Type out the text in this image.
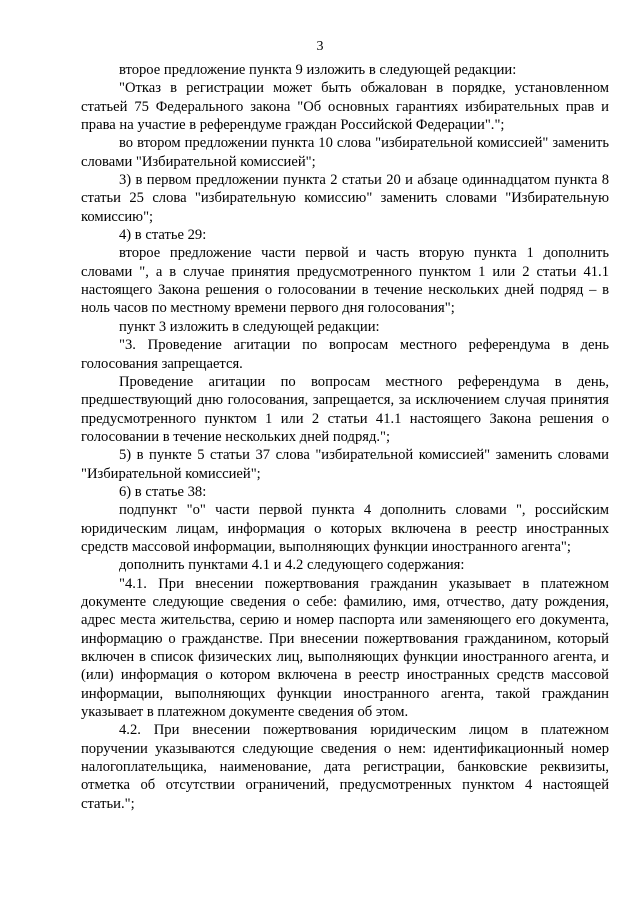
3

второе предложение пункта 9 изложить в следующей редакции:

"Отказ в регистрации может быть обжалован в порядке, установленном статьей 75 Федерального закона "Об основных гарантиях избирательных прав и права на участие в референдуме граждан Российской Федерации".";

во втором предложении пункта 10 слова "избирательной комиссией" заменить словами "Избирательной комиссией";

3) в первом предложении пункта 2 статьи 20 и абзаце одиннадцатом пункта 8 статьи 25 слова "избирательную комиссию" заменить словами "Избирательную комиссию";

4) в статье 29:

второе предложение части первой и часть вторую пункта 1 дополнить словами ", а в случае принятия предусмотренного пунктом 1 или 2 статьи 41.1 настоящего Закона решения о голосовании в течение нескольких дней подряд – в ноль часов по местному времени первого дня голосования";

пункт 3 изложить в следующей редакции:

"3. Проведение агитации по вопросам местного референдума в день голосования запрещается.

Проведение агитации по вопросам местного референдума в день, предшествующий дню голосования, запрещается, за исключением случая принятия предусмотренного пунктом 1 или 2 статьи 41.1 настоящего Закона решения о голосовании в течение нескольких дней подряд.";

5) в пункте 5 статьи 37 слова "избирательной комиссией" заменить словами "Избирательной комиссией";

6) в статье 38:

подпункт "о" части первой пункта 4 дополнить словами ", российским юридическим лицам, информация о которых включена в реестр иностранных средств массовой информации, выполняющих функции иностранного агента";

дополнить пунктами 4.1 и 4.2 следующего содержания:

"4.1. При внесении пожертвования гражданин указывает в платежном документе следующие сведения о себе: фамилию, имя, отчество, дату рождения, адрес места жительства, серию и номер паспорта или заменяющего его документа, информацию о гражданстве. При внесении пожертвования гражданином, который включен в список физических лиц, выполняющих функции иностранного агента, и (или) информация о котором включена в реестр иностранных средств массовой информации, выполняющих функции иностранного агента, такой гражданин указывает в платежном документе сведения об этом.

4.2. При внесении пожертвования юридическим лицом в платежном поручении указываются следующие сведения о нем: идентификационный номер налогоплательщика, наименование, дата регистрации, банковские реквизиты, отметка об отсутствии ограничений, предусмотренных пунктом 4 настоящей статьи.";
